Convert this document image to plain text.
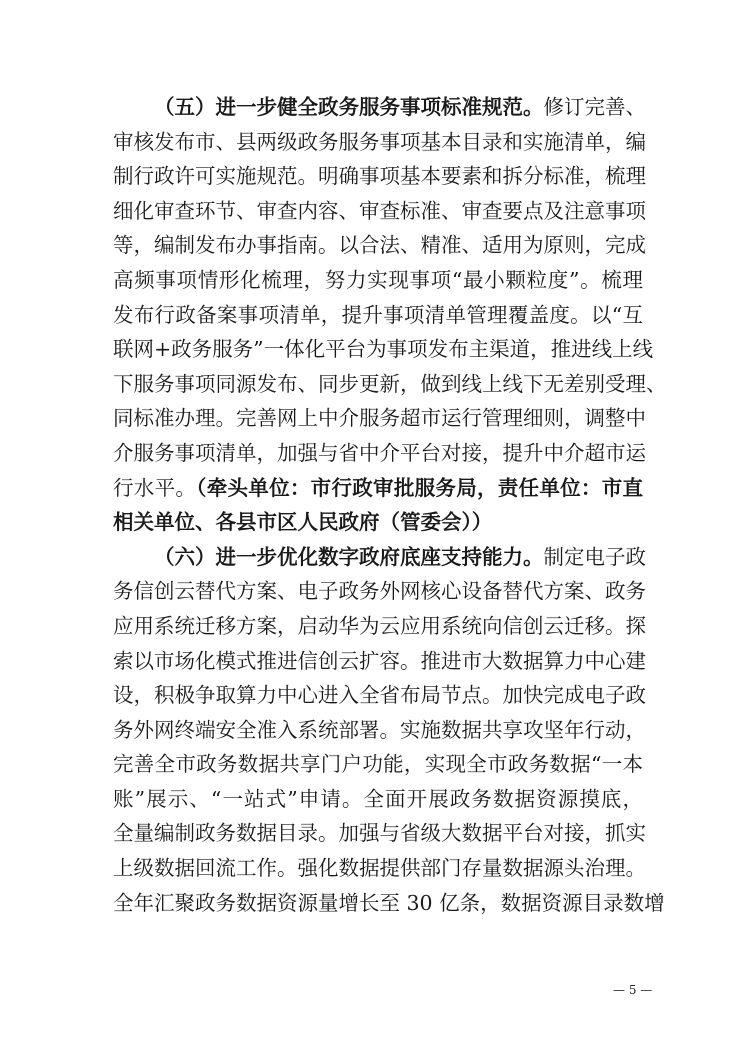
（五）进一步健全政务服务事项标准规范。修订完善、
审核发布市、县两级政务服务事项基本目录和实施清单，编
制行政许可实施规范。明确事项基本要素和拆分标准，梳理
细化审查环节、审查内容、审查标准、审查要点及注意事项
等，编制发布办事指南。以合法、精准、适用为原则，完成
高频事项情形化梳理，努力实现事项“最小颗粒度”。梳理
发布行政备案事项清单，提升事项清单管理覆盖度。以“互
联网+政务服务”一体化平台为事项发布主渠道，推进线上线
下服务事项同源发布、同步更新，做到线上线下无差别受理、
同标准办理。完善网上中介服务超市运行管理细则，调整中
介服务事项清单，加强与省中介平台对接，提升中介超市运
行水平。（牵头单位：市行政审批服务局，责任单位：市直
相关单位、各县市区人民政府（管委会））
（六）进一步优化数字政府底座支持能力。制定电子政
务信创云替代方案、电子政务外网核心设备替代方案、政务
应用系统迁移方案，启动华为云应用系统向信创云迁移。探
索以市场化模式推进信创云扩容。推进市大数据算力中心建
设，积极争取算力中心进入全省布局节点。加快完成电子政
务外网终端安全准入系统部署。实施数据共享攻坚年行动，
完善全市政务数据共享门户功能，实现全市政务数据“一本
账”展示、“一站式”申请。全面开展政务数据资源摸底，
全量编制政务数据目录。加强与省级大数据平台对接，抓实
上级数据回流工作。强化数据提供部门存量数据源头治理。
全年汇聚政务数据资源量增长至 30 亿条，数据资源目录数增
— 5 —
